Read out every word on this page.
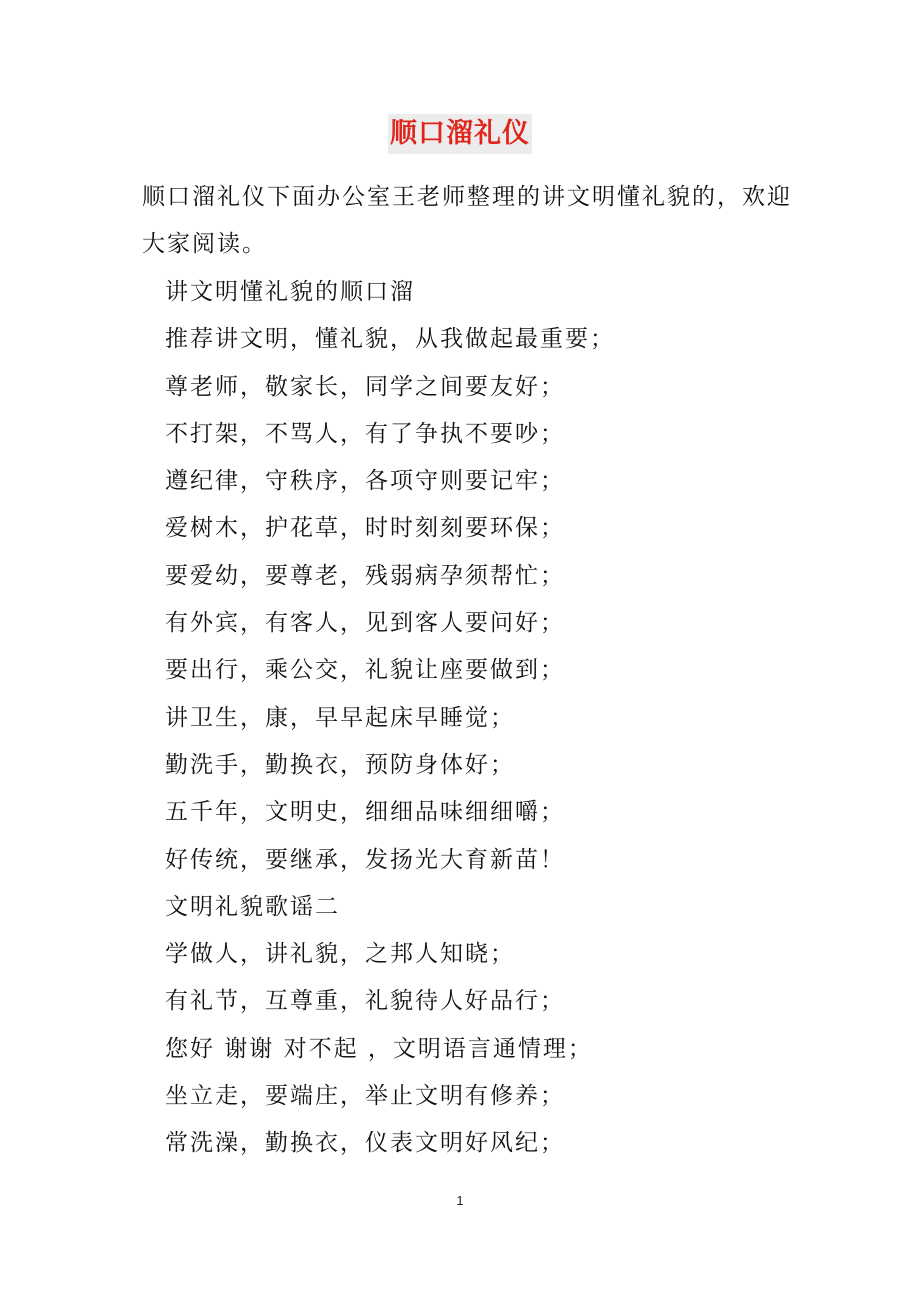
顺口溜礼仪
顺口溜礼仪下面办公室王老师整理的讲文明懂礼貌的，欢迎大家阅读。
讲文明懂礼貌的顺口溜
推荐讲文明，懂礼貌，从我做起最重要；
尊老师，敬家长，同学之间要友好；
不打架，不骂人，有了争执不要吵；
遵纪律，守秩序，各项守则要记牢；
爱树木，护花草，时时刻刻要环保；
要爱幼，要尊老，残弱病孕须帮忙；
有外宾，有客人，见到客人要问好；
要出行，乘公交，礼貌让座要做到；
讲卫生，康，早早起床早睡觉；
勤洗手，勤换衣，预防身体好；
五千年，文明史，细细品味细细嚼；
好传统，要继承，发扬光大育新苗！
文明礼貌歌谣二
学做人，讲礼貌，之邦人知晓；
有礼节，互尊重，礼貌待人好品行；
您好 谢谢 对不起 ，文明语言通情理；
坐立走，要端庄，举止文明有修养；
常洗澡，勤换衣，仪表文明好风纪；
1
